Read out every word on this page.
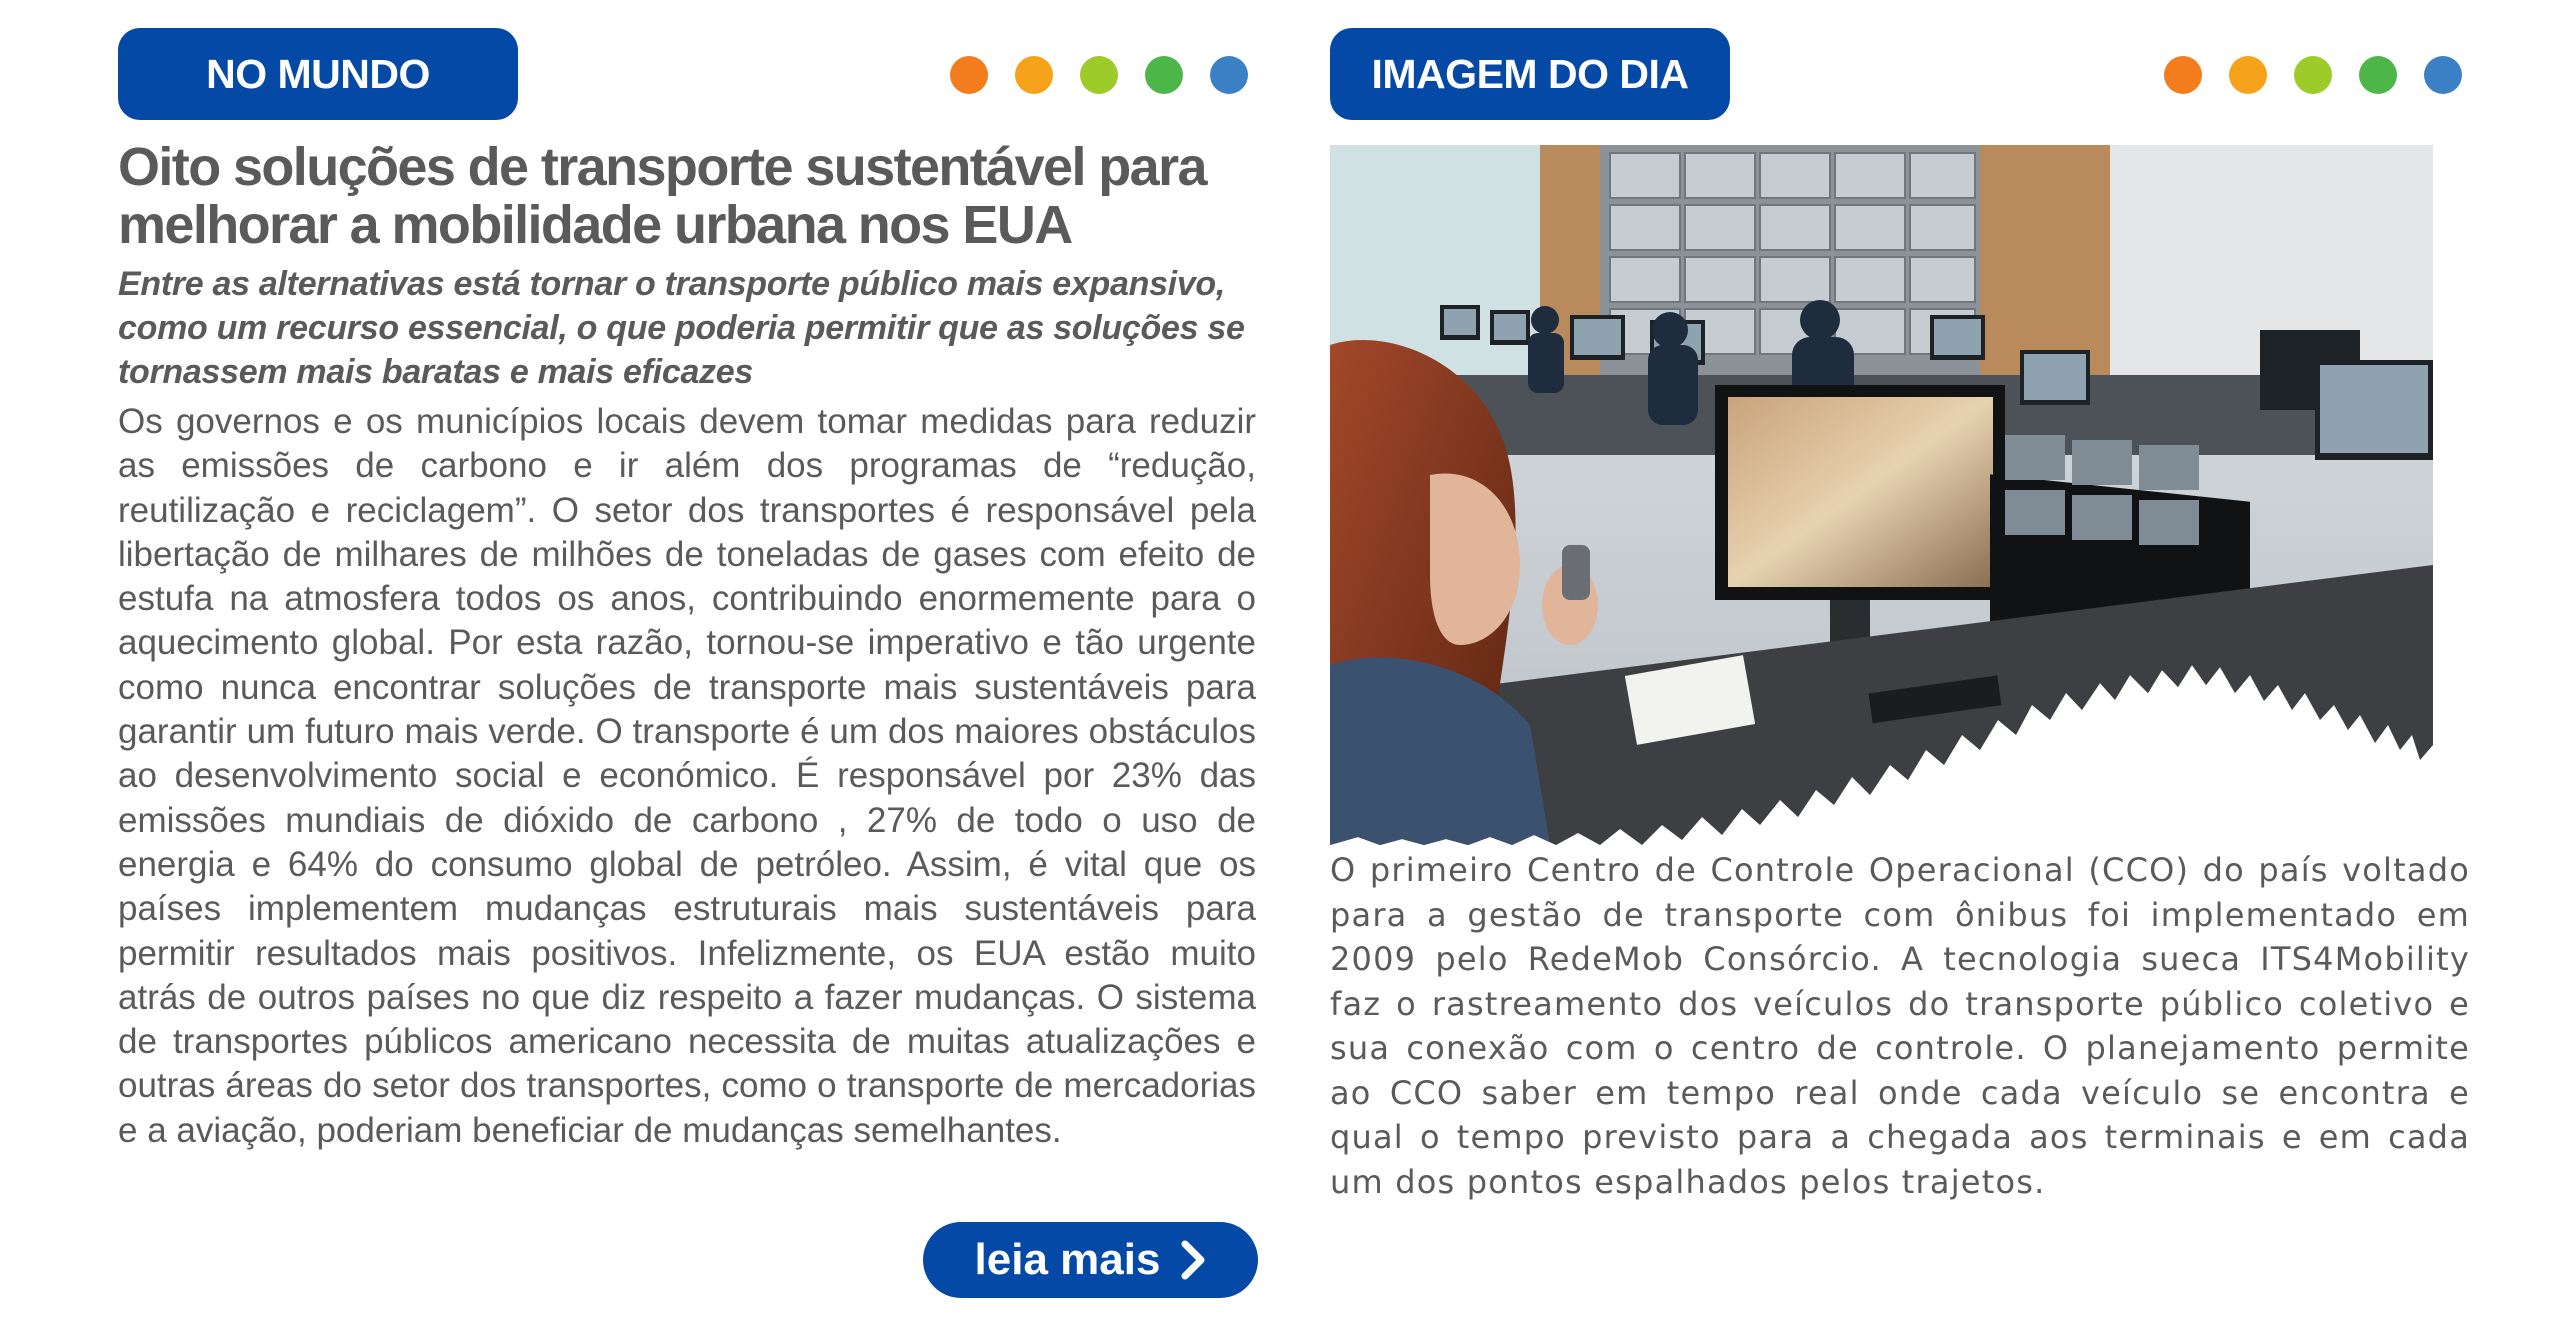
NO MUNDO
Oito soluções de transporte sustentável para melhorar a mobilidade urbana nos EUA

Entre as alternativas está tornar o transporte público mais expansivo, como um recurso essencial, o que poderia permitir que as soluções se tornassem mais baratas e mais eficazes

Os governos e os municípios locais devem tomar medidas para reduzir as emissões de carbono e ir além dos programas de “redução, reutilização e reciclagem”. O setor dos transportes é responsável pela libertação de milhares de milhões de toneladas de gases com efeito de estufa na atmosfera todos os anos, contribuindo enormemente para o aquecimento global. Por esta razão, tornou-se imperativo e tão urgente como nunca encontrar soluções de transporte mais sustentáveis para garantir um futuro mais verde. O transporte é um dos maiores obstáculos ao desenvolvimento social e económico. É responsável por 23% das emissões mundiais de dióxido de carbono , 27% de todo o uso de energia e 64% do consumo global de petróleo. Assim, é vital que os países implementem mudanças estruturais mais sustentáveis para permitir resultados mais positivos. Infelizmente, os EUA estão muito atrás de outros países no que diz respeito a fazer mudanças. O sistema de transportes públicos americano necessita de muitas atualizações e outras áreas do setor dos transportes, como o transporte de mercadorias e a aviação, poderiam beneficiar de mudanças semelhantes.

leia mais
IMAGEM DO DIA

O primeiro Centro de Controle Operacional (CCO) do país voltado para a gestão de transporte com ônibus foi implementado em 2009 pelo RedeMob Consórcio. A tecnologia sueca ITS4Mobility faz o rastreamento dos veículos do transporte público coletivo e sua conexão com o centro de controle. O planejamento permite ao CCO saber em tempo real onde cada veículo se encontra e qual o tempo previsto para a chegada aos terminais e em cada um dos pontos espalhados pelos trajetos.
